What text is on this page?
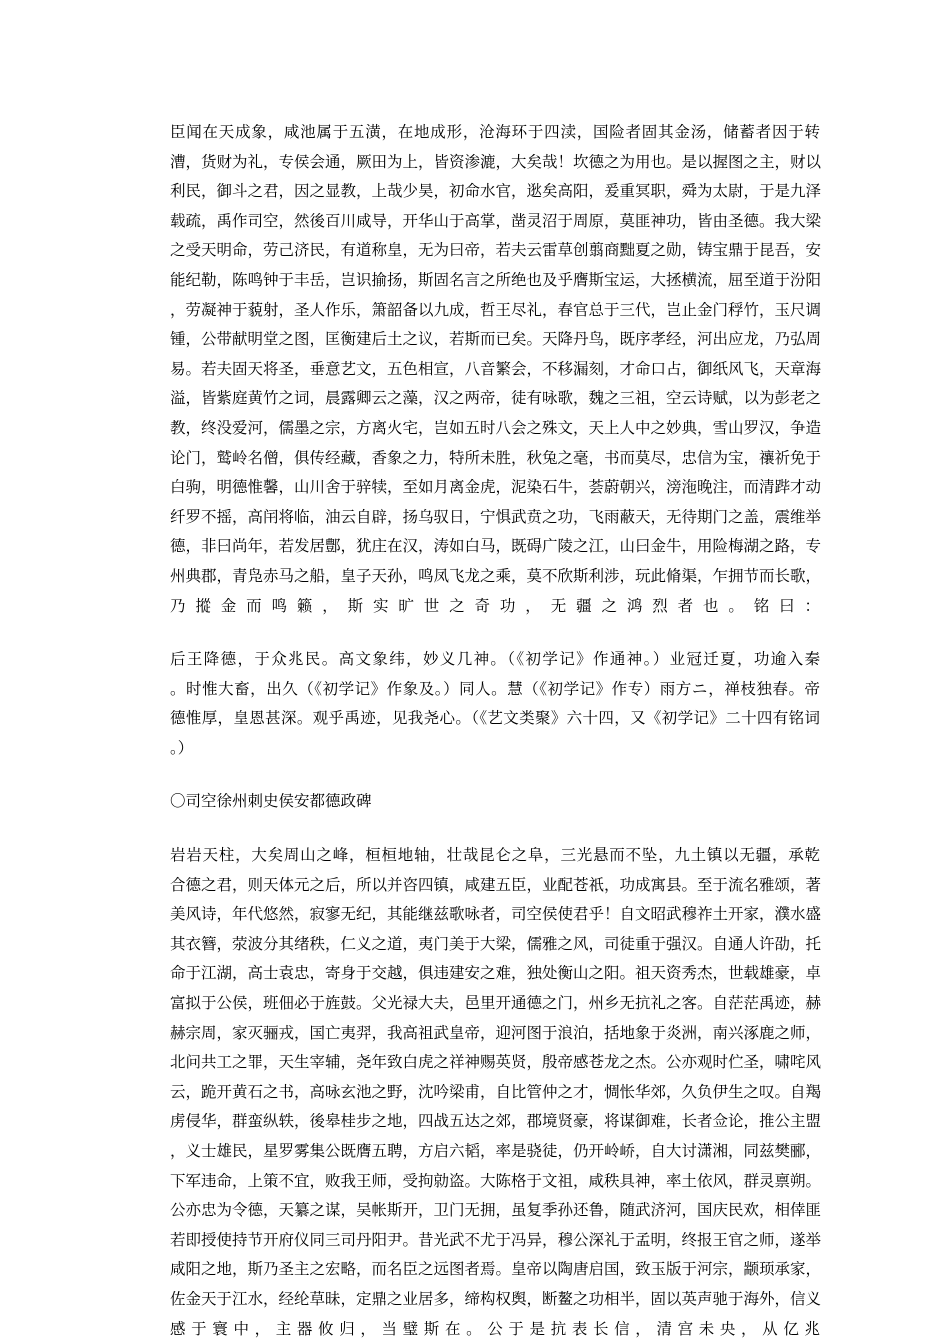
臣闻在天成象，咸池属于五潢，在地成形，沧海环于四渎，国险者固其金汤，储蓄者因于转
漕，货财为礼，专侯会通，厥田为上，皆资渗漉，大矣哉！坎德之为用也。是以握图之主，财以
利民，御斗之君，因之显教，上哉少昊，初命水官，逖矣高阳，爰重冥职，舜为太尉，于是九泽
载疏，禹作司空，然後百川咸导，开华山于高掌，凿灵沼于周原，莫匪神功，皆由圣德。我大梁
之受天明命，劳己济民，有道称皇，无为曰帝，若夫云雷草创翦商黜夏之勋，铸宝鼎于昆吾，安
能纪勒，陈鸣钟于丰岳，岂识揄扬，斯固名言之所绝也及乎膺斯宝运，大拯横流，屈至道于汾阳
，劳凝神于藐射，圣人作乐，箫韶备以九成，哲王尽礼，春官总于三代，岂止金门稃竹，玉尺调
锺，公带献明堂之图，匡衡建后土之议，若斯而已矣。天降丹鸟，既序孝经，河出应龙，乃弘周
易。若夫固天将圣，垂意艺文，五色相宣，八音繁会，不移漏刻，才命口占，御纸风飞，天章海
溢，皆紫庭黄竹之词，晨露卿云之藻，汉之两帝，徒有咏歌，魏之三祖，空云诗赋，以为彭老之
教，终没爱河，儒墨之宗，方离火宅，岂如五时八会之殊文，天上人中之妙典，雪山罗汉，争造
论门，鹫岭名僧，俱传经藏，香象之力，特所未胜，秋兔之毫，书而莫尽，忠信为宝，禳祈免于
白驹，明德惟馨，山川舍于骍犊，至如月离金虎，泥染石牛，荟蔚朝兴，滂沲晚注，而清跸才动
纤罗不摇，高闬将临，油云自辟，扬乌驭日，宁惧武贲之功，飞雨蔽天，无待期门之盖，震维举
德，非曰尚年，若发居鄷，犹庄在汉，涛如白马，既碍广陵之江，山曰金牛，用险梅湖之路，专
州典郡，青凫赤马之船，皇子天孙，鸣凤飞龙之乘，莫不欣斯利涉，玩此脩渠，乍拥节而长歌，
乃摐金而鸣籁，斯实旷世之奇功，无疆之鸿烈者也。铭曰：

后王降德，于众兆民。高文象纬，妙义几神。（《初学记》作通神。）业冠迁夏，功逾入秦
。时惟大畜，出久（《初学记》作象及。）同人。慧（《初学记》作专）雨方ニ，禅枝独春。帝
德惟厚，皇恩甚深。观乎禹迹，见我尧心。（《艺文类聚》六十四，又《初学记》二十四有铭词
。）

〇司空徐州刺史侯安都德政碑

岩岩天柱，大矣周山之峰，桓桓地轴，壮哉昆仑之阜，三光悬而不坠，九土镇以无疆，承乾
合德之君，则天体元之后，所以并咨四镇，咸建五臣，业配苍祇，功成寓县。至于流名雅颂，著
美风诗，年代悠然，寂寥无纪，其能继兹歌咏者，司空侯使君乎！自文昭武穆祚土开家，濮水盛
其衣簪，荥波分其绪秩，仁义之道，夷门美于大梁，儒雅之风，司徒重于强汉。自通人许劭，托
命于江湖，高士袁忠，寄身于交越，俱违建安之难，独处衡山之阳。祖天资秀杰，世载雄豪，卓
富拟于公侯，班佃必于旌鼓。父光禄大夫，邑里开通德之门，州乡无抗礼之客。自茫茫禹迹，赫
赫宗周，家灭骊戎，国亡夷羿，我高祖武皇帝，迎河图于浪泊，括地象于炎洲，南兴涿鹿之师，
北问共工之罪，天生宰辅，尧年致白虎之祥神赐英贤，殷帝感苍龙之杰。公亦观时伫圣，啸咤风
云，跪开黄石之书，高咏玄池之野，沈吟梁甫，自比管仲之才，惆怅华郊，久负伊生之叹。自羯
虏侵华，群蛮纵轶，後皋桂步之地，四战五达之郊，郡境贤豪，将谋御难，长者佥论，推公主盟
，义士雄民，星罗雾集公既膺五聘，方启六韬，率是骁徒，仍开岭峤，自大讨潇湘，同兹樊郦，
下军违命，上策不宜，败我王师，受拘勍盗。大陈格于文祖，咸秩具神，率土依风，群灵禀朔。
公亦忠为令德，天纂之谋，吴帐斯开，卫门无拥，虽复季孙还鲁，随武济河，国庆民欢，相倖匪
若即授使持节开府仪同三司丹阳尹。昔光武不尤于冯异，穆公深礼于孟明，终报王官之师，遂举
咸阳之地，斯乃圣主之宏略，而名臣之远图者焉。皇帝以陶唐启国，致玉版于河宗，颛顼承家，
佐金天于江水，经纶草昧，定鼎之业居多，缔构权舆，断鳌之功相半，固以英声驰于海外，信义
感于寰中，主器攸归，当璧斯在。公于是抗表长信，清宫未央，从亿兆
